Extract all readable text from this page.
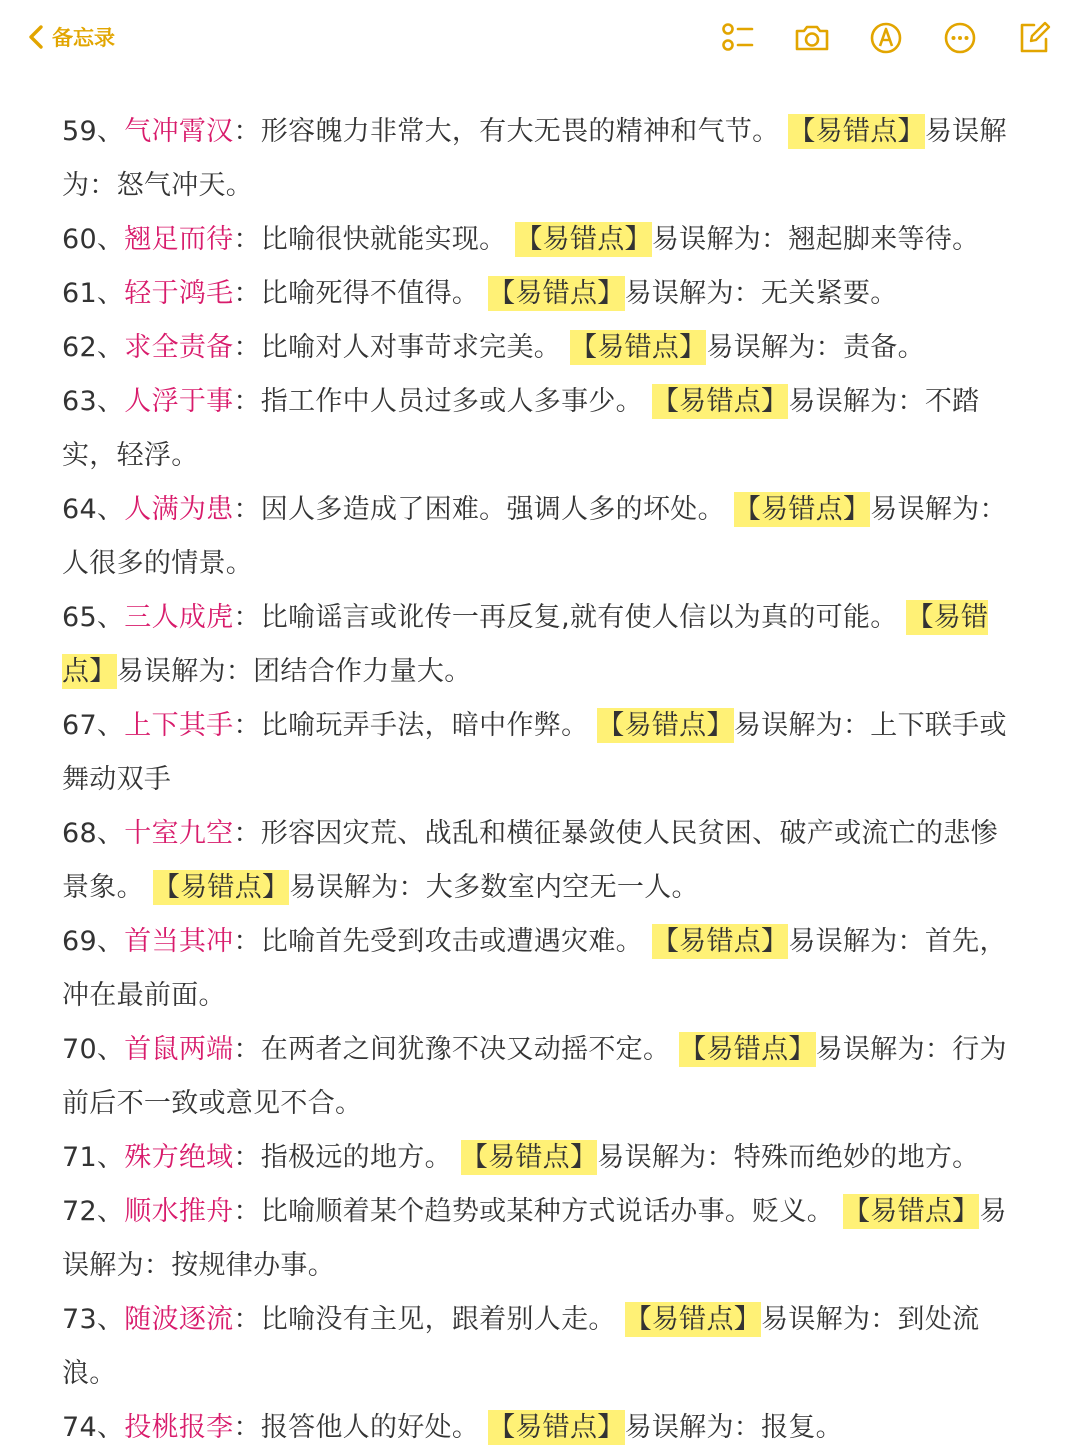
备忘录

59、气冲霄汉：形容魄力非常大，有大无畏的精神和气节。 【易错点】易误解为：怒气冲天。

60、翘足而待：比喻很快就能实现。 【易错点】易误解为：翘起脚来等待。

61、轻于鸿毛：比喻死得不值得。 【易错点】易误解为：无关紧要。

62、求全责备：比喻对人对事苛求完美。 【易错点】易误解为：责备。

63、人浮于事：指工作中人员过多或人多事少。 【易错点】易误解为：不踏实，轻浮。

64、人满为患：因人多造成了困难。强调人多的坏处。 【易错点】易误解为：人很多的情景。

65、三人成虎：比喻谣言或讹传一再反复,就有使人信以为真的可能。 【易错点】易误解为：团结合作力量大。

67、上下其手：比喻玩弄手法，暗中作弊。 【易错点】易误解为：上下联手或舞动双手

68、十室九空：形容因灾荒、战乱和横征暴敛使人民贫困、破产或流亡的悲惨景象。 【易错点】易误解为：大多数室内空无一人。

69、首当其冲：比喻首先受到攻击或遭遇灾难。 【易错点】易误解为：首先，冲在最前面。

70、首鼠两端：在两者之间犹豫不决又动摇不定。 【易错点】易误解为：行为前后不一致或意见不合。

71、殊方绝域：指极远的地方。 【易错点】易误解为：特殊而绝妙的地方。

72、顺水推舟：比喻顺着某个趋势或某种方式说话办事。贬义。 【易错点】易误解为：按规律办事。

73、随波逐流：比喻没有主见，跟着别人走。 【易错点】易误解为：到处流浪。

74、投桃报李：报答他人的好处。 【易错点】易误解为：报复。
